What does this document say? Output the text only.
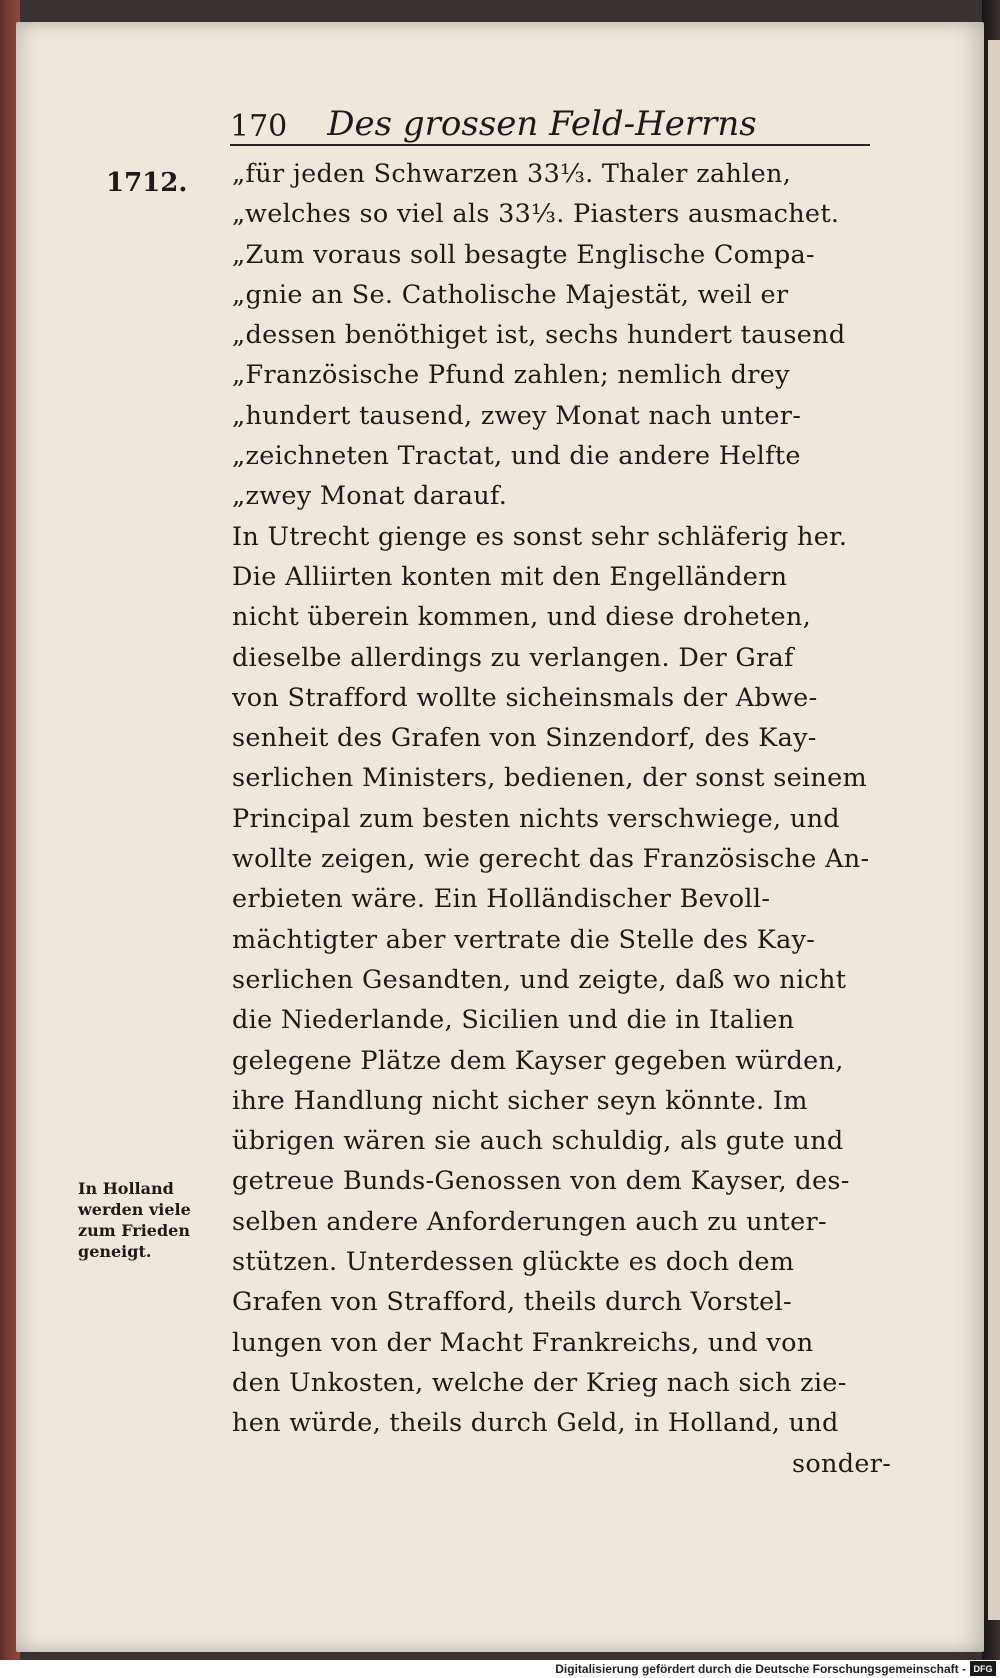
170 Des grossen Feld-Herrns
1712. „für jeden Schwarzen 33⅓. Thaler zahlen,
„welches so viel als 33⅓. Piasters ausmachet.
„Zum voraus soll besagte Englische Compa-
„gnie an Se. Catholische Majestät, weil er
„dessen benöthiget ist, sechs hundert tausend
„Französische Pfund zahlen; nemlich drey
„hundert tausend, zwey Monat nach unter-
„zeichneten Tractat, und die andere Helfte
„zwey Monat darauf.
In Utrecht gienge es sonst sehr schläferig her.
Die Alliirten konten mit den Engelländern
nicht überein kommen, und diese droheten,
dieselbe allerdings zu verlangen. Der Graf
von Strafford wollte sicheinsmals der Abwe-
senheit des Grafen von Sinzendorf, des Kay-
serlichen Ministers, bedienen, der sonst seinem
Principal zum besten nichts verschwiege, und
wollte zeigen, wie gerecht das Französische An-
erbieten wäre. Ein Holländischer Bevoll-
mächtigter aber vertrate die Stelle des Kay-
serlichen Gesandten, und zeigte, daß wo nicht
die Niederlande, Sicilien und die in Italien
gelegene Plätze dem Kayser gegeben würden,
ihre Handlung nicht sicher seyn könnte. Im
übrigen wären sie auch schuldig, als gute und
getreue Bunds-Genossen von dem Kayser, des-
selben andere Anforderungen auch zu unter-
stützen. Unterdessen glückte es doch dem
Grafen von Strafford, theils durch Vorstel-
lungen von der Macht Frankreichs, und von
den Unkosten, welche der Krieg nach sich zie-
hen würde, theils durch Geld, in Holland, und
sonder-
In Holland
werden viele
zum Frieden
geneigt.
Digitalisierung gefördert durch die Deutsche Forschungsgemeinschaft - DFG
